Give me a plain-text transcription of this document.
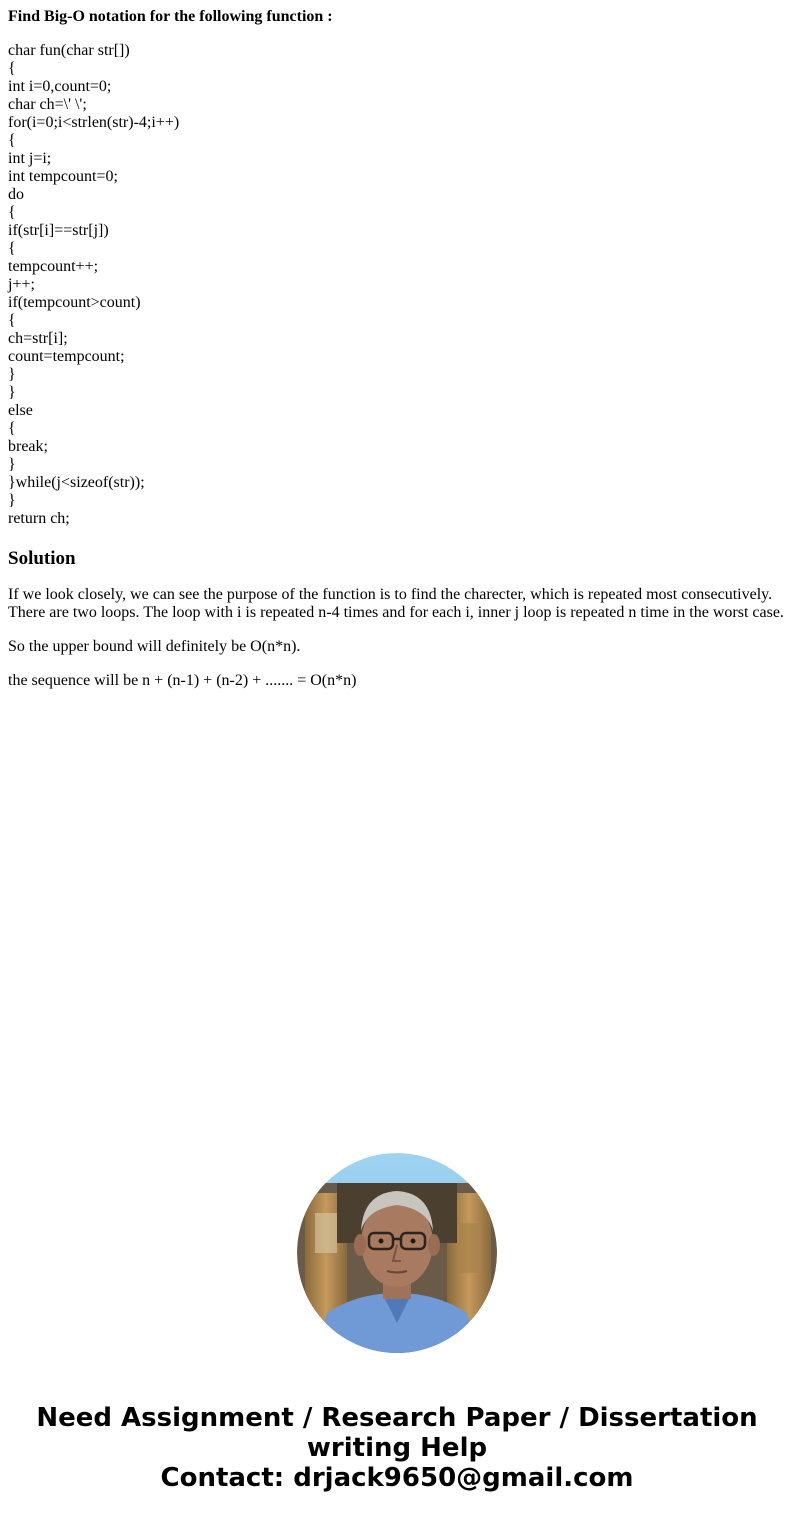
Find Big-O notation for the following function :
char fun(char str[])
{
int i=0,count=0;
char ch=\' \';
for(i=0;i<strlen(str)-4;i++)
{
int j=i;
int tempcount=0;
do
{
if(str[i]==str[j])
{
tempcount++;
j++;
if(tempcount>count)
{
ch=str[i];
count=tempcount;
}
}
else
{
break;
}
}while(j<sizeof(str));
}
return ch;
Solution

If we look closely, we can see the purpose of the function is to find the charecter, which is repeated most consecutively. There are two loops. The loop with i is repeated n-4 times and for each i, inner j loop is repeated n time in the worst case.

So the upper bound will definitely be O(n*n).

the sequence will be n + (n-1) + (n-2) + ....... = O(n*n)

Need Assignment / Research Paper / Dissertation
writing Help
Contact: drjack9650@gmail.com
